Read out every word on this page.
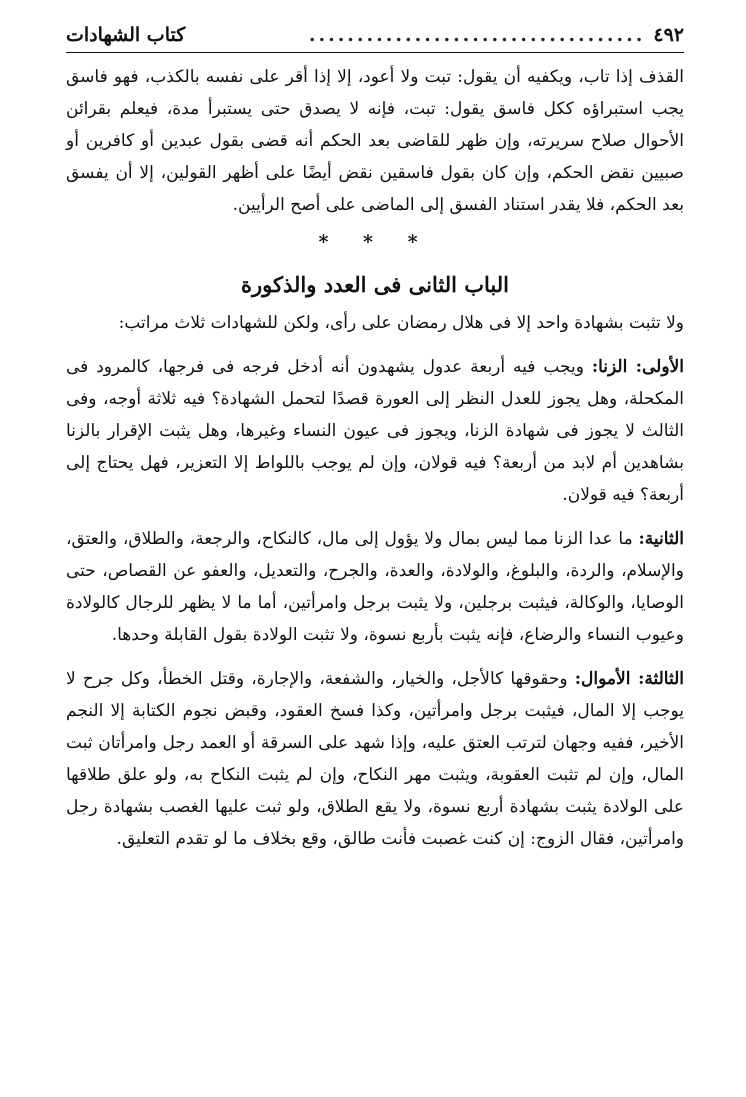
٤٩٢
...................................
كتاب الشهادات

القذف إذا تاب، ويكفيه أن يقول: تبت ولا أعود، إلا إذا أقر على نفسه بالكذب، فهو فاسق يجب استبراؤه ككل فاسق يقول: تبت، فإنه لا يصدق حتى يستبرأ مدة، فيعلم بقرائن الأحوال صلاح سريرته، وإن ظهر للقاضى بعد الحكم أنه قضى بقول عبدين أو كافرين أو صبيين نقض الحكم، وإن كان بقول فاسقين نقض أيضًا على أظهر القولين، إلا أن يفسق بعد الحكم، فلا يقدر استناد الفسق إلى الماضى على أصح الرأيين.

* * *
الباب الثانى فى العدد والذكورة

ولا تثبت بشهادة واحد إلا فى هلال رمضان على رأى، ولكن للشهادات ثلاث مراتب:

الأولى: الزنا: ويجب فيه أربعة عدول يشهدون أنه أدخل فرجه فى فرجها، كالمرود فى المكحلة، وهل يجوز للعدل النظر إلى العورة قصدًا لتحمل الشهادة؟ فيه ثلاثة أوجه، وفى الثالث لا يجوز فى شهادة الزنا، ويجوز فى عيون النساء وغيرها، وهل يثبت الإقرار بالزنا بشاهدين أم لابد من أربعة؟ فيه قولان، وإن لم يوجب باللواط إلا التعزير، فهل يحتاج إلى أربعة؟ فيه قولان.

الثانية: ما عدا الزنا مما ليس بمال ولا يؤول إلى مال، كالنكاح، والرجعة، والطلاق، والعتق، والإسلام، والردة، والبلوغ، والولادة، والعدة، والجرح، والتعديل، والعفو عن القصاص، حتى الوصايا، والوكالة، فيثبت برجلين، ولا يثبت برجل وامرأتين، أما ما لا يظهر للرجال كالولادة وعيوب النساء والرضاع، فإنه يثبت بأربع نسوة، ولا تثبت الولادة بقول القابلة وحدها.

الثالثة: الأموال: وحقوقها كالأجل، والخيار، والشفعة، والإجارة، وقتل الخطأ، وكل جرح لا يوجب إلا المال، فيثبت برجل وامرأتين، وكذا فسخ العقود، وقبض نجوم الكتابة إلا النجم الأخير، ففيه وجهان لترتب العتق عليه، وإذا شهد على السرقة أو العمد رجل وامرأتان ثبت المال، وإن لم تثبت العقوبة، ويثبت مهر النكاح، وإن لم يثبت النكاح به، ولو علق طلاقها على الولادة يثبت بشهادة أربع نسوة، ولا يقع الطلاق، ولو ثبت عليها الغصب بشهادة رجل وامرأتين، فقال الزوج: إن كنت غصبت فأنت طالق، وقع بخلاف ما لو تقدم التعليق.
